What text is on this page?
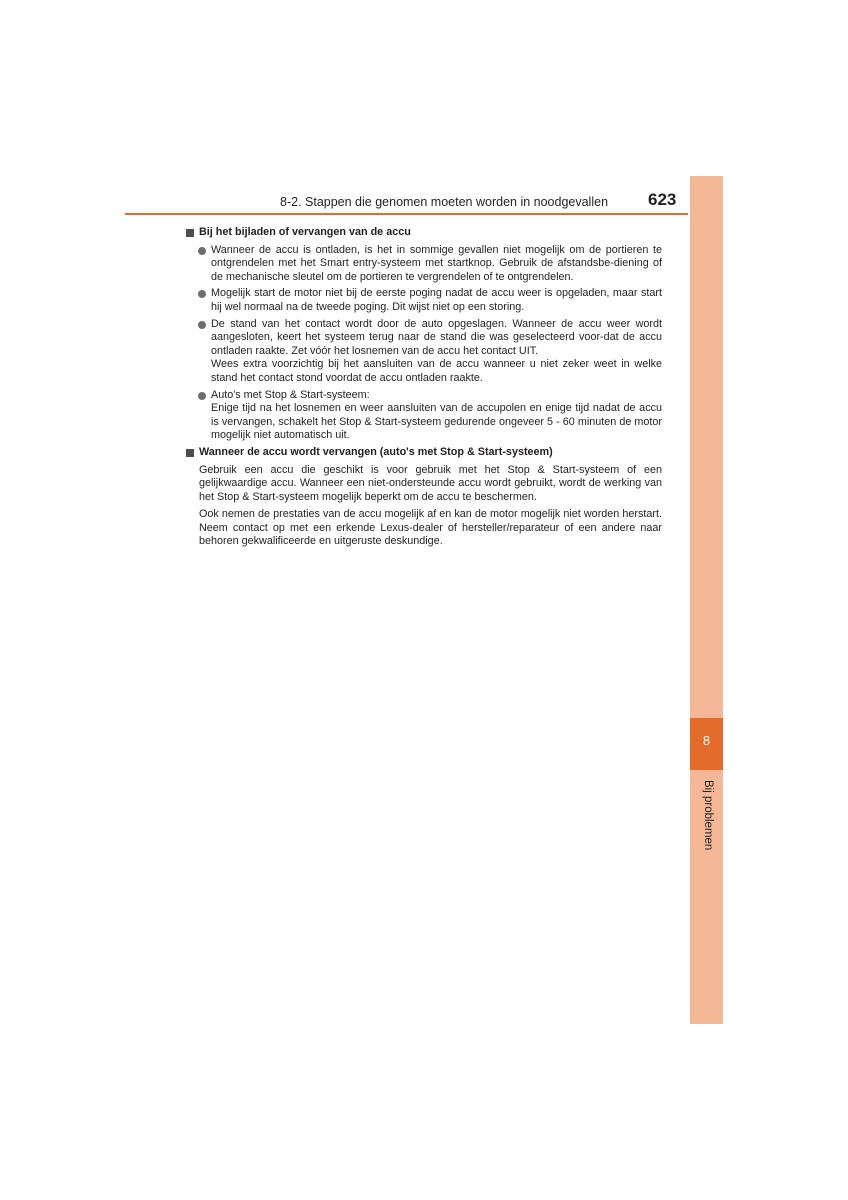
8
Bij problemen
8-2. Stappen die genomen moeten worden in noodgevallen 623
Bij het bijladen of vervangen van de accu

Wanneer de accu is ontladen, is het in sommige gevallen niet mogelijk om de portieren te ontgrendelen met het Smart entry-systeem met startknop. Gebruik de afstandsbe-diening of de mechanische sleutel om de portieren te vergrendelen of te ontgrendelen.

Mogelijk start de motor niet bij de eerste poging nadat de accu weer is opgeladen, maar start hij wel normaal na de tweede poging. Dit wijst niet op een storing.

De stand van het contact wordt door de auto opgeslagen. Wanneer de accu weer wordt aangesloten, keert het systeem terug naar de stand die was geselecteerd voor-dat de accu ontladen raakte. Zet vóór het losnemen van de accu het contact UIT.

Wees extra voorzichtig bij het aansluiten van de accu wanneer u niet zeker weet in welke stand het contact stond voordat de accu ontladen raakte.

Auto's met Stop & Start-systeem:

Enige tijd na het losnemen en weer aansluiten van de accupolen en enige tijd nadat de accu is vervangen, schakelt het Stop & Start-systeem gedurende ongeveer 5 - 60 minuten de motor mogelijk niet automatisch uit.

Wanneer de accu wordt vervangen (auto's met Stop & Start-systeem)

Gebruik een accu die geschikt is voor gebruik met het Stop & Start-systeem of een gelijkwaardige accu. Wanneer een niet-ondersteunde accu wordt gebruikt, wordt de werking van het Stop & Start-systeem mogelijk beperkt om de accu te beschermen.

Ook nemen de prestaties van de accu mogelijk af en kan de motor mogelijk niet worden herstart. Neem contact op met een erkende Lexus-dealer of hersteller/reparateur of een andere naar behoren gekwalificeerde en uitgeruste deskundige.
